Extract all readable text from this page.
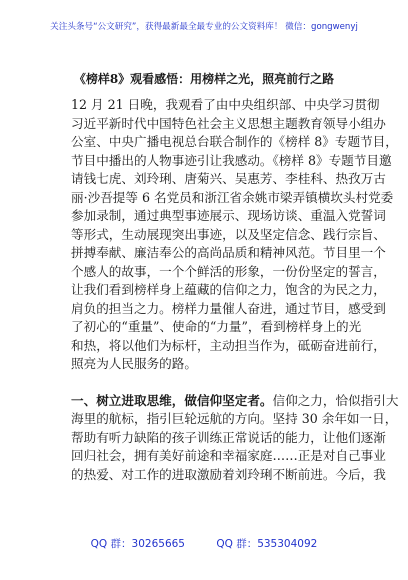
关注头条号“公文研究”，获得最新最全最专业的公文资料库！ 微信：gongwenyj
《榜样8》观看感悟：用榜样之光，照亮前行之路
12 月 21 日晚，我观看了由中央组织部、中央学习贯彻
习近平新时代中国特色社会主义思想主题教育领导小组办
公室、中央广播电视总台联合制作的《榜样 8》专题节目，
节目中播出的人物事迹引让我感动。《榜样 8》专题节目邀
请钱七虎、刘玲琍、唐菊兴、吴惠芳、李桂科、热孜万古
丽·沙吾提等 6 名党员和浙江省余姚市梁弄镇横坎头村党委
参加录制，通过典型事迹展示、现场访谈、重温入党誓词
等形式，生动展现突出事迹，以及坚定信念、践行宗旨、
拼搏奉献、廉洁奉公的高尚品质和精神风范。节目里一个
个感人的故事，一个个鲜活的形象，一份份坚定的誓言，
让我们看到榜样身上蕴藏的信仰之力，饱含的为民之力，
肩负的担当之力。榜样力量催人奋进，通过节目，感受到
了初心的“重量”、使命的“力量”，看到榜样身上的光
和热，将以他们为标杆，主动担当作为，砥砺奋进前行，
照亮为人民服务的路。
一、树立进取思维，做信仰坚定者。信仰之力，恰似指引大
海里的航标，指引巨轮远航的方向。坚持 30 余年如一日，
帮助有听力缺陷的孩子训练正常说话的能力，让他们逐渐
回归社会，拥有美好前途和幸福家庭……正是对自己事业
的热爱、对工作的进取激励着刘玲琍不断前进。今后，我
QQ 群：30265665	QQ 群：535304092
